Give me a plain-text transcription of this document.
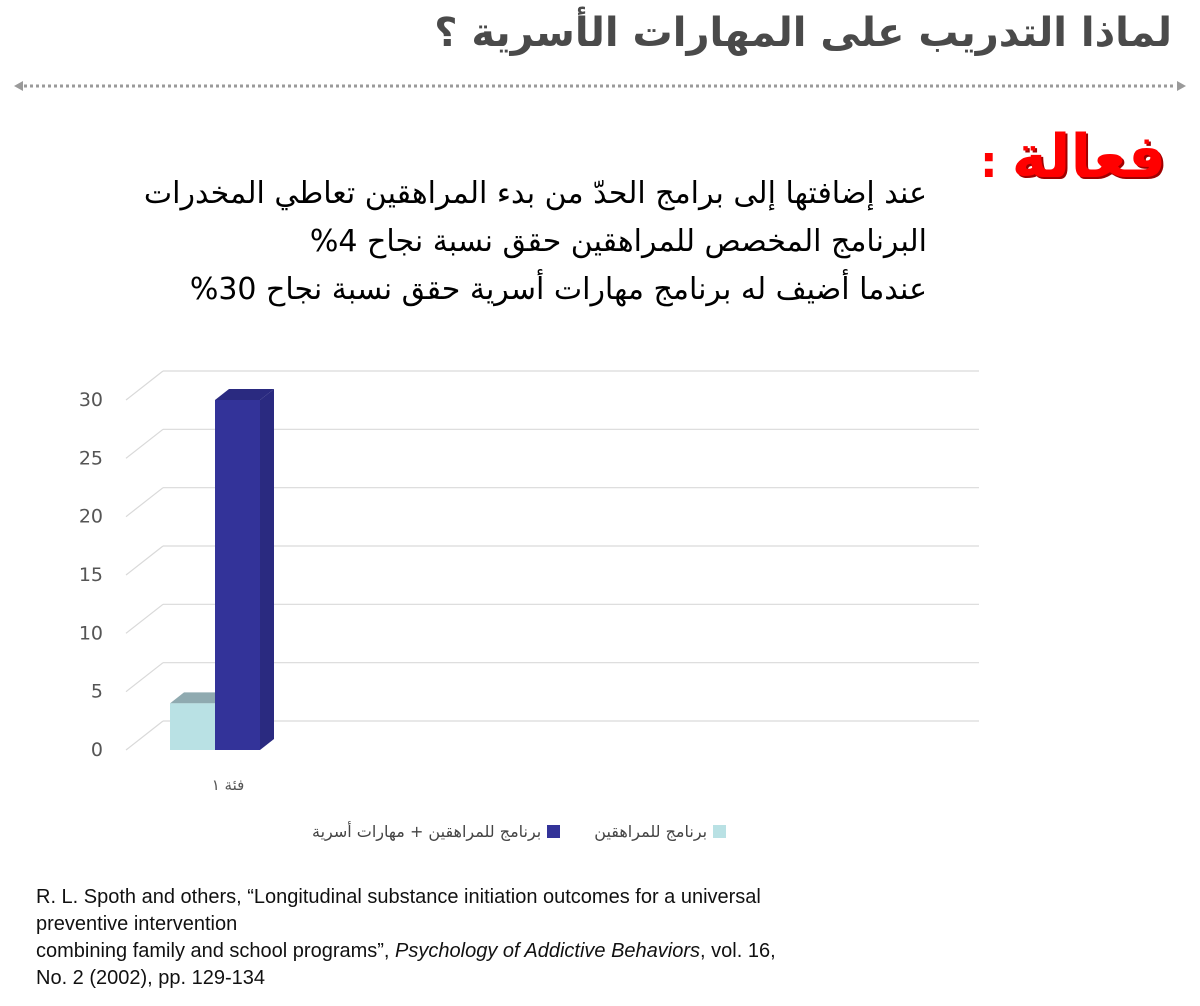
لماذا التدريب على المهارات الأسرية ؟
فعالة:
عند إضافتها إلى برامج الحدّ من بدء المراهقين تعاطي المخدرات
البرنامج المخصص للمراهقين حقق نسبة نجاح 4%
عندما أضيف له برنامج مهارات أسرية حقق نسبة نجاح 30%
0
5
10
15
20
25
30
فئة ١
برنامج للمراهقين
برنامج للمراهقين + مهارات أسرية
R. L. Spoth and others, “Longitudinal substance initiation outcomes for a universal preventive intervention
combining family and school programs”, Psychology of Addictive Behaviors, vol. 16, No. 2 (2002), pp. 129-134
